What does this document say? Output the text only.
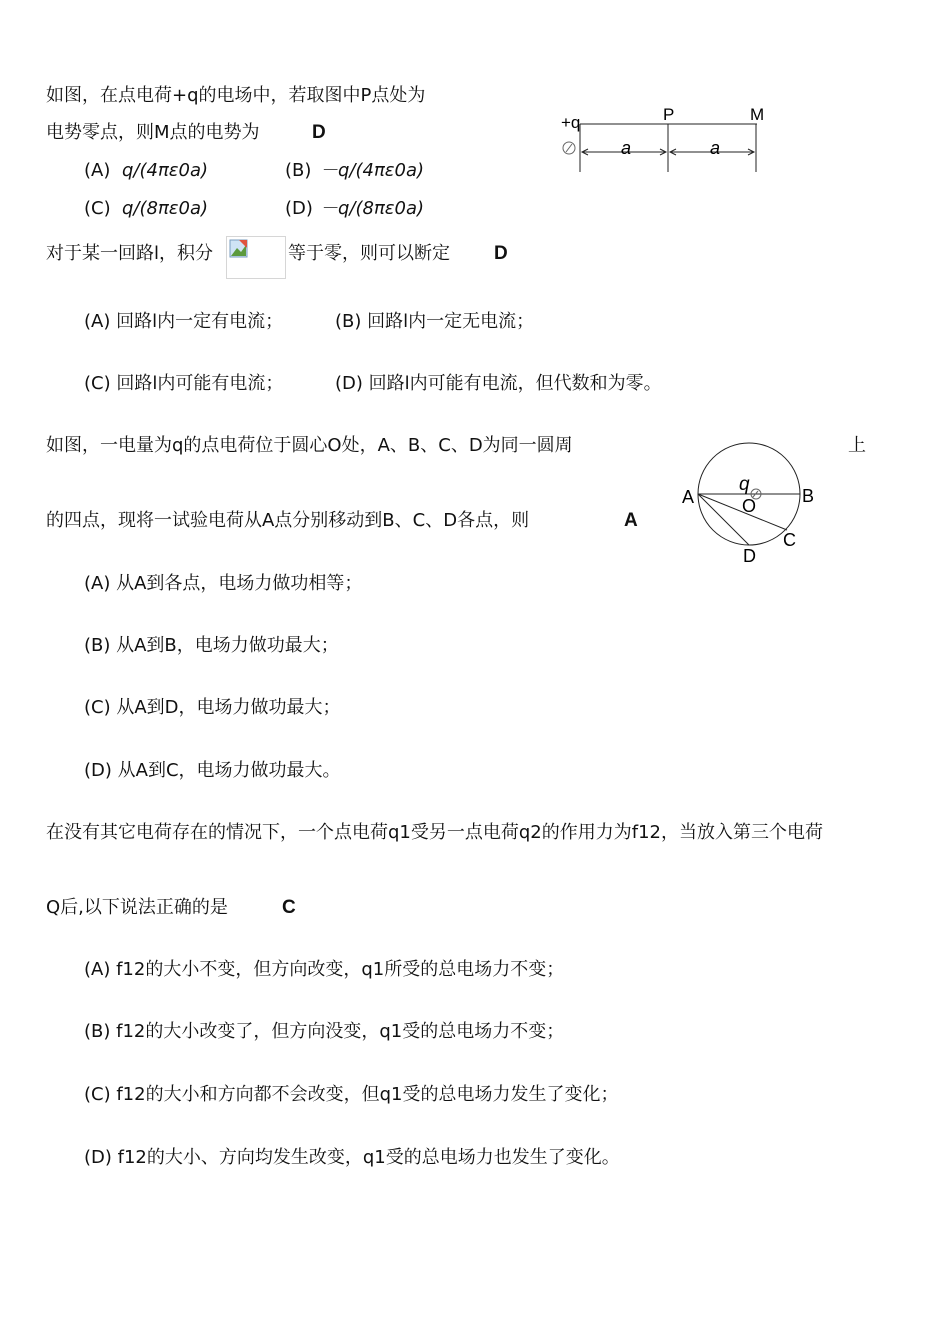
如图，在点电荷+q的电场中，若取图中P点处为
电势零点，则M点的电势为	D
(A) q/(4πε0a)	(B) －q/(4πε0a)
(C) q/(8πε0a)	(D) －q/(8πε0a)
+q	P	M
a	a
对于某一回路l，积分	等于零，则可以断定 D
(A) 回路l内一定有电流；	(B) 回路l内一定无电流；
(C) 回路l内可能有电流；	(D) 回路l内可能有电流，但代数和为零。
如图，一电量为q的点电荷位于圆心O处，A、B、C、D为同一圆周	上
的四点，现将一试验电荷从A点分别移动到B、C、D各点，则	A
A	B
C
D
O
q
(A) 从A到各点，电场力做功相等；
(B) 从A到B，电场力做功最大；
(C) 从A到D，电场力做功最大；
(D) 从A到C，电场力做功最大。
在没有其它电荷存在的情况下，一个点电荷q1受另一点电荷q2的作用力为f12，当放入第三个电荷
Q后,以下说法正确的是	C
(A) f12的大小不变，但方向改变，q1所受的总电场力不变；
(B) f12的大小改变了，但方向没变，q1受的总电场力不变；
(C) f12的大小和方向都不会改变，但q1受的总电场力发生了变化；
(D) f12的大小、方向均发生改变，q1受的总电场力也发生了变化。
